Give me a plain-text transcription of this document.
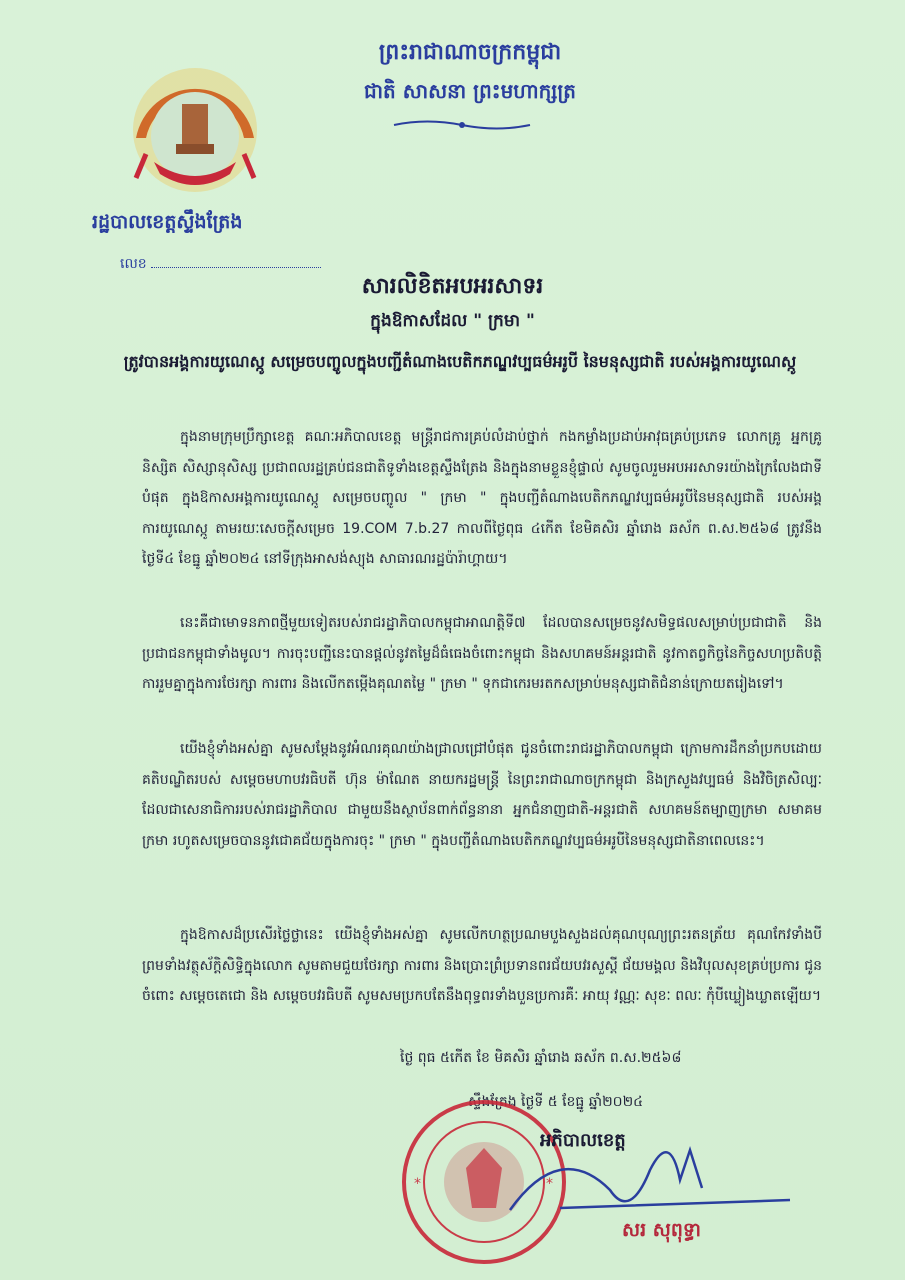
ព្រះរាជាណាចក្រកម្ពុជា
ជាតិ សាសនា ព្រះមហាក្សត្រ
រដ្ឋបាលខេត្តស្ទឹងត្រែង
លេខ
សារលិខិតអបអរសាទរ
ក្នុងឱកាសដែល " ក្រមា "
ត្រូវបានអង្គការយូណេស្កូ សម្រេចបញ្ចូលក្នុងបញ្ជីតំណាងបេតិកភណ្ឌវប្បធម៌អរូបី នៃមនុស្សជាតិ របស់អង្គការយូណេស្កូ
ក្នុងនាមក្រុមប្រឹក្សាខេត្ត គណៈអភិបាលខេត្ត មន្ត្រីរាជការគ្រប់លំដាប់ថ្នាក់ កងកម្លាំងប្រដាប់អាវុធគ្រប់ប្រភេទ លោកគ្រូ អ្នកគ្រូ និស្សិត សិស្សានុសិស្ស ប្រជាពលរដ្ឋគ្រប់ជនជាតិទូទាំងខេត្តស្ទឹងត្រែង និងក្នុងនាមខ្លួនខ្ញុំផ្ទាល់ សូមចូលរួមអបអរសាទរយ៉ាងក្រៃលែងជាទីបំផុត ក្នុងឱកាសអង្គការយូណេស្កូ សម្រេចបញ្ចូល " ក្រមា " ក្នុងបញ្ជីតំណាងបេតិកភណ្ឌវប្បធម៌អរូបីនៃមនុស្សជាតិ របស់អង្គការយូណេស្កូ តាមរយៈសេចក្តីសម្រេច 19.COM 7.b.27 កាលពីថ្ងៃពុធ ៤កើត ខែមិគសិរ ឆ្នាំរោង ឆស័ក ព.ស.២៥៦៨ ត្រូវនឹងថ្ងៃទី៤ ខែធ្នូ ឆ្នាំ២០២៤ នៅទីក្រុងអាសង់ស្យុង សាធារណរដ្ឋប៉ារ៉ាហ្គាយ។
នេះគឺជាមោទនភាពថ្មីមួយទៀតរបស់រាជរដ្ឋាភិបាលកម្ពុជាអាណត្តិទី៧ ដែលបានសម្រេចនូវសមិទ្ធផលសម្រាប់ប្រជាជាតិ និងប្រជាជនកម្ពុជាទាំងមូល។ ការចុះបញ្ជីនេះបានផ្តល់នូវតម្លៃដ៏ធំធេងចំពោះកម្ពុជា និងសហគមន៍អន្តរជាតិ នូវកាតព្វកិច្ចនៃកិច្ចសហប្រតិបត្តិការរួមគ្នាក្នុងការថែរក្សា ការពារ និងលើកតម្កើងគុណតម្លៃ " ក្រមា " ទុកជាកេរមរតកសម្រាប់មនុស្សជាតិជំនាន់ក្រោយតរៀងទៅ។
យើងខ្ញុំទាំងអស់គ្នា សូមសម្តែងនូវអំណរគុណយ៉ាងជ្រាលជ្រៅបំផុត ជូនចំពោះរាជរដ្ឋាភិបាលកម្ពុជា ក្រោមការដឹកនាំប្រកបដោយគតិបណ្ឌិតរបស់ សម្តេចមហាបវរធិបតី ហ៊ុន ម៉ាណែត នាយករដ្ឋមន្ត្រី នៃព្រះរាជាណាចក្រកម្ពុជា និងក្រសួងវប្បធម៌ និងវិចិត្រសិល្បៈ ដែលជាសេនាធិការរបស់រាជរដ្ឋាភិបាល ជាមួយនឹងស្ថាប័នពាក់ព័ន្ធនានា អ្នកជំនាញជាតិ-អន្តរជាតិ សហគមន៍តម្បាញក្រមា សមាគមក្រមា រហូតសម្រេចបាននូវជោគជ័យក្នុងការចុះ " ក្រមា " ក្នុងបញ្ជីតំណាងបេតិកភណ្ឌវប្បធម៌អរូបីនៃមនុស្សជាតិនាពេលនេះ។
ក្នុងឱកាសដ៏ប្រសើរថ្លៃថ្លានេះ យើងខ្ញុំទាំងអស់គ្នា សូមលើកហត្ថប្រណមបួងសួងដល់គុណបុណ្យព្រះរតនត្រ័យ គុណកែវទាំងបី ព្រមទាំងវត្ថុស័ក្តិសិទ្ធិក្នុងលោក សូមតាមជួយថែរក្សា ការពារ និងប្រោះព្រំប្រទានពរជ័យបវរសួស្តី ជ័យមង្គល និងវិបុលសុខគ្រប់ប្រការ ជូនចំពោះ សម្តេចតេជោ និង សម្តេចបវរធិបតី សូមសមប្រកបតែនឹងពុទ្ធពរទាំងបួនប្រការគឺៈ អាយុ វណ្ណៈ សុខៈ ពលៈ កុំបីឃ្លៀងឃ្លាតឡើយ។
ថ្ងៃ ពុធ ៥កើត ខែ មិគសិរ ឆ្នាំរោង ឆស័ក ព.ស.២៥៦៨
ស្ទឹងត្រែង ថ្ងៃទី ៥ ខែធ្នូ ឆ្នាំ២០២៤
*	*
អភិបាលខេត្ត
សរ សុពុទ្ធា
